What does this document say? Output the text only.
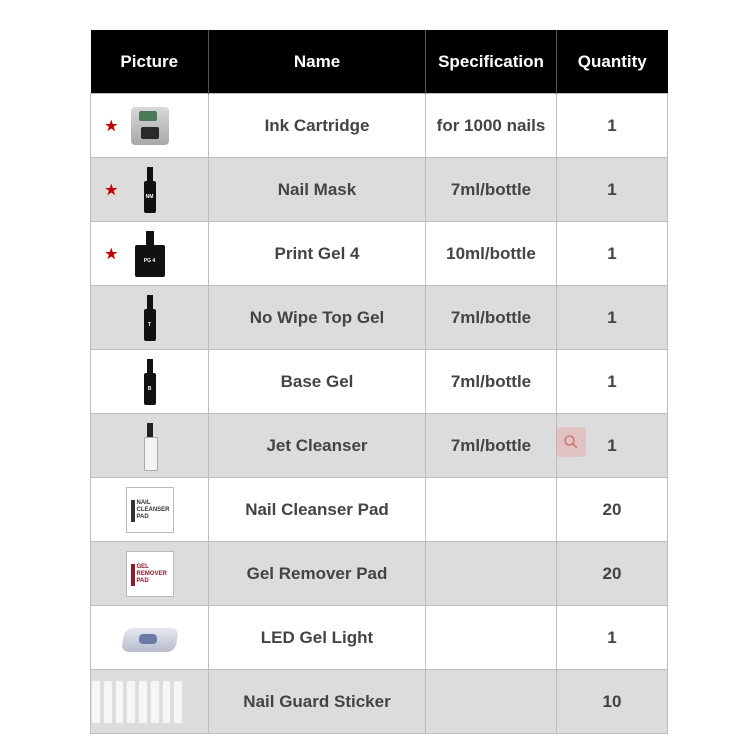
Picture	Name	Specification	Quantity

★	Ink Cartridge	for 1000 nails	1

★ NM	Nail Mask	7ml/bottle	1

★ PG 4	Print Gel 4	10ml/bottle	1

T	No Wipe Top Gel	7ml/bottle	1

B	Base Gel	7ml/bottle	1

	Jet Cleanser	7ml/bottle	1

NAIL CLEANSER PAD	Nail Cleanser Pad		20

GEL REMOVER PAD	Gel Remover Pad		20

	LED Gel Light		1

	Nail Guard Sticker		10
